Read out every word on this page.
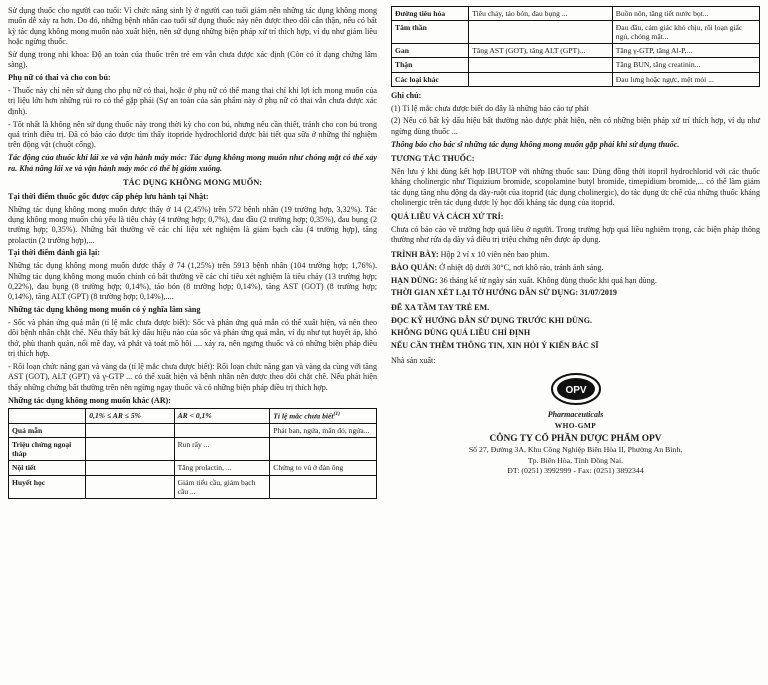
Sử dụng thuốc cho người cao tuổi: Vì chức năng sinh lý ở người cao tuổi giảm nên những tác dụng không mong muốn dễ xảy ra hơn. Do đó, những bệnh nhân cao tuổi sử dụng thuốc này nên được theo dõi cẩn thận, nếu có bất kỳ tác dụng không mong muốn nào xuất hiện, nên sử dụng những biện pháp xử trí thích hợp, ví dụ như giảm liều hoặc ngừng thuốc.

Sử dụng trong nhi khoa: Độ an toàn của thuốc trên trẻ em vẫn chưa được xác định (Còn có ít dạng chứng lâm sàng).

Phụ nữ có thai và cho con bú:

- Thuốc này chỉ nên sử dụng cho phụ nữ có thai, hoặc ở phụ nữ có thể mang thai chỉ khi lợi ích mong muốn của trị liệu lớn hơn những rủi ro có thể gặp phải (Sự an toàn của sản phẩm này ở phụ nữ có thai vẫn chưa được xác định).

- Tốt nhất là không nên sử dụng thuốc này trong thời kỳ cho con bú, nhưng nếu cần thiết, tránh cho con bú trong quá trình điều trị. Đã có báo cáo được tìm thấy itopride hydrochlorid được bài tiết qua sữa ở những thí nghiệm trên động vật (chuột cống).

Tác động của thuốc khi lái xe và vận hành máy móc: Tác dụng không mong muốn như chóng mặt có thể xảy ra. Khả năng lái xe và vận hành máy móc có thể bị giảm xuống.

TÁC DỤNG KHÔNG MONG MUỐN:

Tại thời điểm thuốc gốc được cấp phép lưu hành tại Nhật:

Những tác dụng không mong muốn được thấy ở 14 (2,45%) trên 572 bệnh nhân (19 trường hợp, 3,32%). Tác dụng không mong muốn chủ yếu là tiêu chảy (4 trường hợp; 0,7%), đau đầu (2 trường hợp; 0,35%), đau bụng (2 trường hợp; 0,35%). Những bất thường về các chỉ liệu xét nghiệm là giảm bạch cầu (4 trường hợp), tăng prolactin (2 trường hợp),...

Tại thời điểm đánh giá lại:

Những tác dụng không mong muốn được thấy ở 74 (1,25%) trên 5913 bệnh nhân (104 trường hợp; 1,76%). Những tác dụng không mong muốn chính có bất thường về các chỉ tiêu xét nghiệm là tiêu chảy (13 trường hợp; 0,22%), đau bụng (8 trường hợp; 0,14%), táo bón (8 trường hợp; 0,14%), tăng AST (GOT) (8 trường hợp; 0,14%), tăng ALT (GPT) (8 trường hợp; 0,14%),....

Những tác dụng không mong muốn có ý nghĩa lâm sàng

- Sốc và phản ứng quá mẫn (tỉ lệ mắc chưa được biết): Sốc và phản ứng quá mẫn có thể xuất hiện, và nên theo dõi bệnh nhân chặt chẽ. Nếu thấy bất kỳ dấu hiệu nào của sốc và phản ứng quá mẫn, ví dụ như tụt huyết áp, khó thở, phù thanh quản, nổi mề đay, và phát và toát mồ hôi .... xảy ra, nên ngưng thuốc và có những biện pháp điều trị thích hợp.

- Rối loạn chức năng gan và vàng da (tỉ lệ mắc chưa được biết): Rối loạn chức năng gan và vàng da cùng với tăng AST (GOT), ALT (GPT) và γ-GTP ... có thể xuất hiện và bệnh nhân nên được theo dõi chặt chẽ. Nếu phát hiện thấy những chứng bất thường trên nên ngừng ngay thuốc và có những biện pháp điều trị thích hợp.

Những tác dụng không mong muốn khác (AR):

	0,1% ≤ AR ≤ 5%	AR < 0,1%	Tỉ lệ mắc chưa biết$^{(1)}$
Quá mẫn			Phát ban, ngứa, mẩn đỏ, ngứa...
Triệu chứng ngoại tháp		Run rẩy ...	
Nội tiết		Tăng prolactin, ...	Chứng to vú ở đàn ông
Huyết học		Giảm tiểu cầu, giảm bạch cầu ...	
Đường tiêu hóa	Tiêu chảy, táo bón, đau bụng ...	Buồn nôn, tăng tiết nước bọt...
Tâm thần		Đau đầu, cảm giác khó chịu, rối loạn giấc ngủ, chóng mặt...
Gan	Tăng AST (GOT), tăng ALT (GPT)...	Tăng γ-GTP, tăng Al-P,...
Thận		Tăng BUN, tăng creatinin...
Các loại khác		Đau lưng hoặc ngực, mệt mỏi ...

Ghi chú:

(1) Tỉ lệ mắc chưa được biết do đây là những báo cáo tự phát

(2) Nếu có bất kỳ dấu hiệu bất thường nào được phát hiện, nên có những biện pháp xử trí thích hợp, ví dụ như ngừng dùng thuốc ...

Thông báo cho bác sĩ những tác dụng không mong muốn gặp phải khi sử dụng thuốc.

TƯƠNG TÁC THUỐC:

Nên lưu ý khi dùng kết hợp IBUTOP với những thuốc sau: Dùng đồng thời itopril hydrochlorid với các thuốc kháng cholinergic như Tiquizium bromide, scopolamine butyl bromide, timepidium bromide,... có thể làm giảm tác dụng tăng nhu động dạ dày-ruột của itoprid (tác dụng cholinergic), do tác dụng ức chế của những thuốc kháng cholinergic trên tác dụng dược lý học đối kháng tác dụng của itoprid.

QUÁ LIỀU VÀ CÁCH XỬ TRÍ:

Chưa có báo cáo về trường hợp quá liều ở người. Trong trường hợp quá liều nghiêm trọng, các biện pháp thông thường như rửa dạ dày và điều trị triệu chứng nên được áp dụng.

TRÌNH BÀY: Hộp 2 vỉ x 10 viên nén bao phim.

BẢO QUẢN: Ở nhiệt độ dưới 30°C, nơi khô ráo, tránh ánh sáng.

HẠN DÙNG: 36 tháng kể từ ngày sản xuất. Không dùng thuốc khi quá hạn dùng.

THỜI GIAN XÉT LẠI TỜ HƯỚNG DẪN SỬ DỤNG: 31/07/2019

ĐỂ XA TẦM TAY TRẺ EM.

ĐỌC KỸ HƯỚNG DẪN SỬ DỤNG TRƯỚC KHI DÙNG.

KHÔNG DÙNG QUÁ LIỀU CHỈ ĐỊNH

NẾU CẦN THÊM THÔNG TIN, XIN HỎI Ý KIẾN BÁC SĨ

Nhà sản xuất:

OPV
Pharmaceuticals
WHO-GMP
CÔNG TY CỔ PHẦN DƯỢC PHẨM OPV
Số 27, Đường 3A, Khu Công Nghiệp Biên Hòa II, Phường An Bình,
Tp. Biên Hòa, Tỉnh Đồng Nai.
ĐT: (0251) 3992999 - Fax: (0251) 3892344
